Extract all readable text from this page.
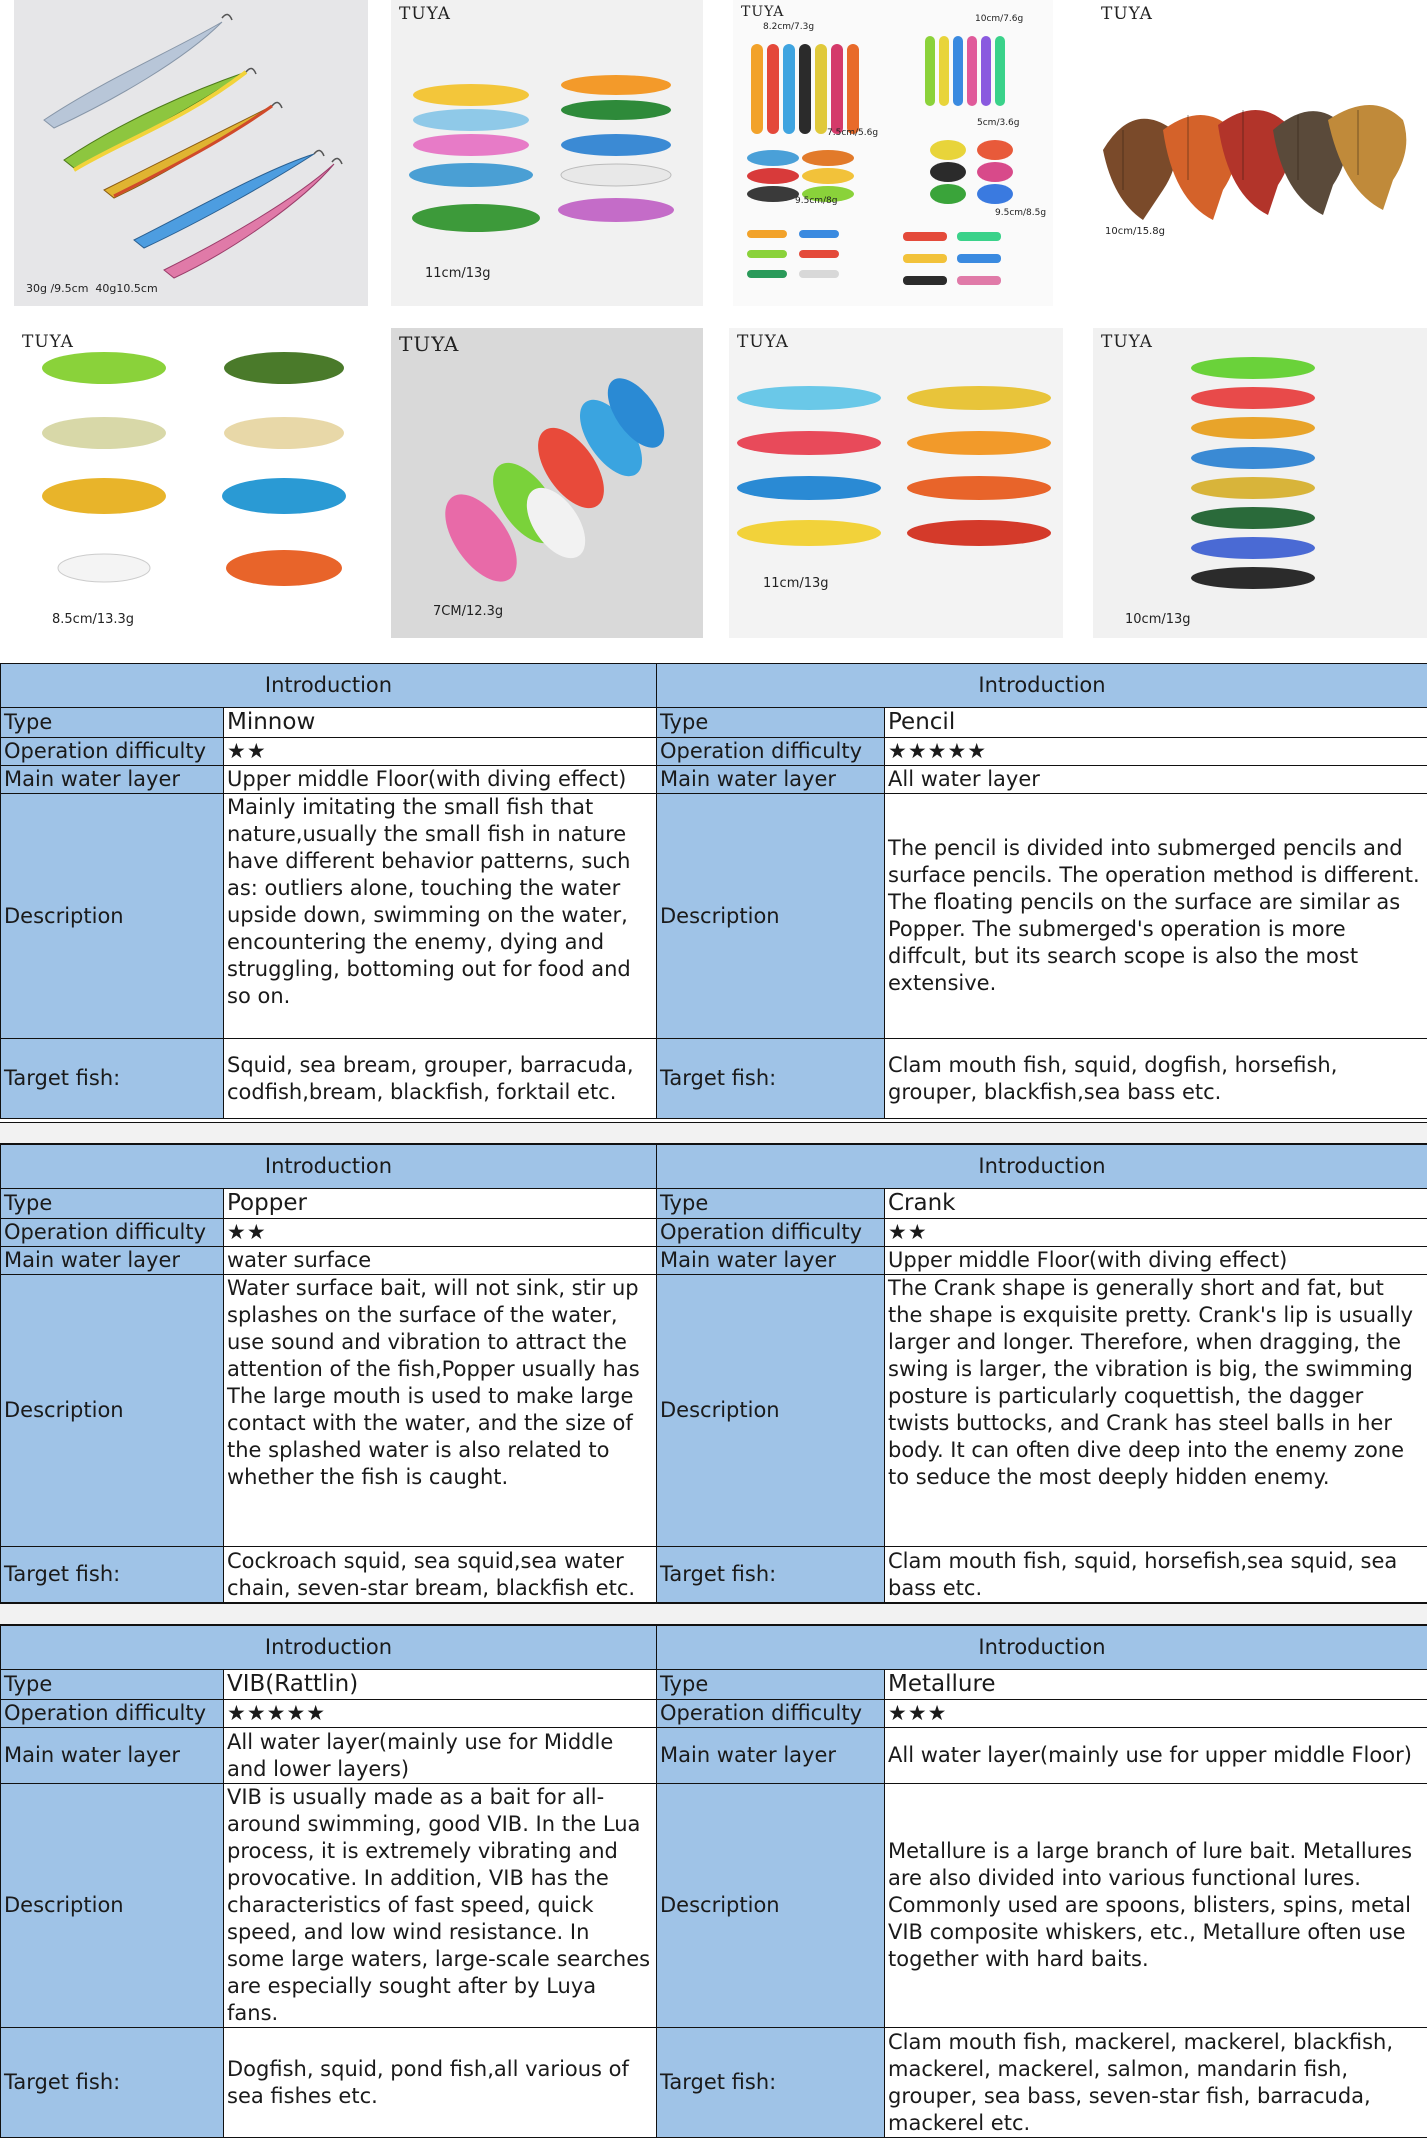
30g /9.5cm  40g10.5cm
TUYA
11cm/13g
TUYA
8.2cm/7.3g
10cm/7.6g
7.5cm/5.6g
5cm/3.6g
9.5cm/8g
9.5cm/8.5g
TUYA
10cm/15.8g
TUYA
8.5cm/13.3g
TUYA
7CM/12.3g
TUYA
11cm/13g
TUYA
10cm/13g
Introduction	
Type	Minnow
Operation difficulty	★★
Main water layer	Upper middle Floor(with diving effect)
Description	Mainly imitating the small fish that nature,usually the small fish in nature have different behavior patterns, such as: outliers alone, touching the water upside down, swimming on the water, encountering the enemy, dying and struggling, bottoming out for food and so on.
Target fish:	Squid, sea bream, grouper, barracuda, codfish,bream, blackfish, forktail etc.
Introduction	
Type	Pencil
Operation difficulty	★★★★★
Main water layer	All water layer
Description	The pencil is divided into submerged pencils and surface pencils. The operation method is different. The floating pencils on the surface are similar as Popper. The submerged's operation is more diffcult, but its search scope is also the most extensive.
Target fish:	Clam mouth fish, squid, dogfish, horsefish, grouper, blackfish,sea bass etc.
Introduction	
Type	Popper
Operation difficulty	★★
Main water layer	water surface
Description	Water surface bait, will not sink, stir up splashes on the surface of the water, use sound and vibration to attract the attention of the fish,Popper usually has The large mouth is used to make large contact with the water, and the size of the splashed water is also related to whether the fish is caught.
Target fish:	Cockroach squid, sea squid,sea water chain, seven-star bream, blackfish etc.
Introduction	
Type	Crank
Operation difficulty	★★
Main water layer	Upper middle Floor(with diving effect)
Description	The Crank shape is generally short and fat, but the shape is exquisite pretty. Crank's lip is usually larger and longer. Therefore, when dragging, the swing is larger, the vibration is big, the swimming posture is particularly coquettish, the dagger twists buttocks, and Crank has steel balls in her body. It can often dive deep into the enemy zone to seduce the most deeply hidden enemy.
Target fish:	Clam mouth fish, squid, horsefish,sea squid, sea bass etc.
Introduction	
Type	VIB(Rattlin)
Operation difficulty	★★★★★
Main water layer	All water layer(mainly use for Middle and lower layers)
Description	VIB is usually made as a bait for all-around swimming, good VIB. In the Lua process, it is extremely vibrating and provocative. In addition, VIB has the characteristics of fast speed, quick speed, and low wind resistance. In some large waters, large-scale searches are especially sought after by Luya fans.
Target fish:	Dogfish, squid, pond fish,all various of sea fishes etc.
Introduction	
Type	Metallure
Operation difficulty	★★★
Main water layer	All water layer(mainly use for upper middle Floor)
Description	Metallure is a large branch of lure bait. Metallures are also divided into various functional lures. Commonly used are spoons, blisters, spins, metal VIB composite whiskers, etc., Metallure often use together with hard baits.
Target fish:	Clam mouth fish, mackerel, mackerel, blackfish, mackerel, mackerel, salmon, mandarin fish, grouper, sea bass, seven-star fish, barracuda, mackerel etc.
